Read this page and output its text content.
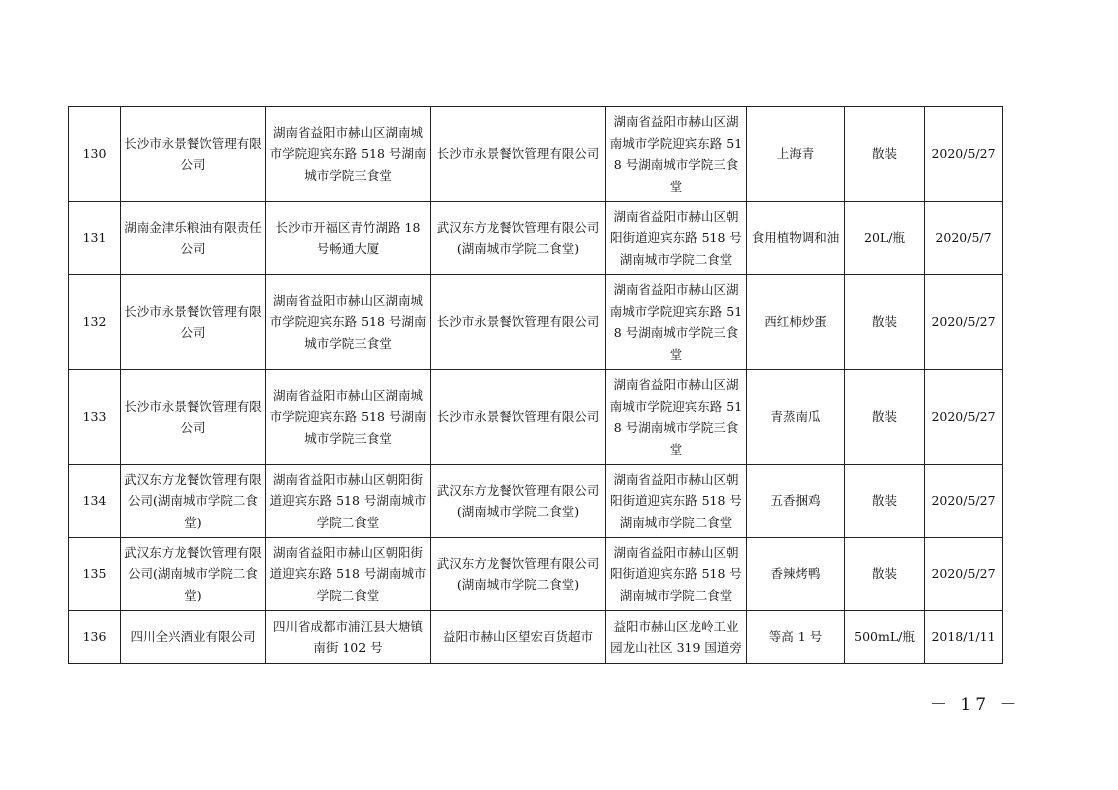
130	长沙市永景餐饮管理有限公司	湖南省益阳市赫山区湖南城市学院迎宾东路 518 号湖南城市学院三食堂	长沙市永景餐饮管理有限公司	湖南省益阳市赫山区湖南城市学院迎宾东路 518 号湖南城市学院三食堂	上海青	散装	2020/5/27
131	湖南金津乐粮油有限责任公司	长沙市开福区青竹湖路 18 号畅通大厦	武汉东方龙餐饮管理有限公司(湖南城市学院二食堂)	湖南省益阳市赫山区朝阳街道迎宾东路 518 号湖南城市学院二食堂	食用植物调和油	20L/瓶	2020/5/7
132	长沙市永景餐饮管理有限公司	湖南省益阳市赫山区湖南城市学院迎宾东路 518 号湖南城市学院三食堂	长沙市永景餐饮管理有限公司	湖南省益阳市赫山区湖南城市学院迎宾东路 518 号湖南城市学院三食堂	西红柿炒蛋	散装	2020/5/27
133	长沙市永景餐饮管理有限公司	湖南省益阳市赫山区湖南城市学院迎宾东路 518 号湖南城市学院三食堂	长沙市永景餐饮管理有限公司	湖南省益阳市赫山区湖南城市学院迎宾东路 518 号湖南城市学院三食堂	青蒸南瓜	散装	2020/5/27
134	武汉东方龙餐饮管理有限公司(湖南城市学院二食堂)	湖南省益阳市赫山区朝阳街道迎宾东路 518 号湖南城市学院二食堂	武汉东方龙餐饮管理有限公司(湖南城市学院二食堂)	湖南省益阳市赫山区朝阳街道迎宾东路 518 号湖南城市学院二食堂	五香捆鸡	散装	2020/5/27
135	武汉东方龙餐饮管理有限公司(湖南城市学院二食堂)	湖南省益阳市赫山区朝阳街道迎宾东路 518 号湖南城市学院二食堂	武汉东方龙餐饮管理有限公司(湖南城市学院二食堂)	湖南省益阳市赫山区朝阳街道迎宾东路 518 号湖南城市学院二食堂	香辣烤鸭	散装	2020/5/27
136	四川全兴酒业有限公司	四川省成都市浦江县大塘镇南街 102 号	益阳市赫山区望宏百货超市	益阳市赫山区龙岭工业园龙山社区 319 国道旁	等高 1 号	500mL/瓶	2018/1/11
－ 17 －
